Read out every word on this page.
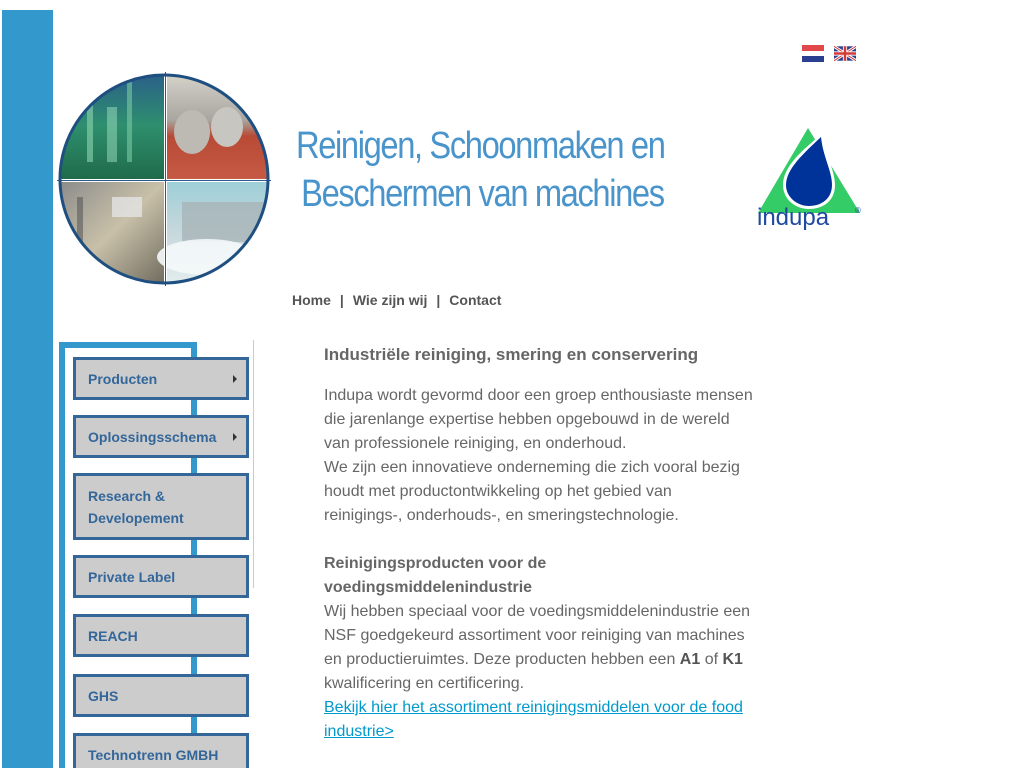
Reinigen, Schoonmaken en
Beschermen van machines
indupa	®
Home | Wie zijn wij | Contact
Producten
Oplossingsschema
Research &
Developement
Private Label
REACH
GHS
Technotrenn GMBH
Industriële reiniging, smering en conservering

Indupa wordt gevormd door een groep enthousiaste mensen die jarenlange expertise hebben opgebouwd in de wereld van professionele reiniging, en onderhoud.

We zijn een innovatieve onderneming die zich vooral bezig houdt met productontwikkeling op het gebied van reinigings-, onderhouds-, en smeringstechnologie.

Reinigingsproducten voor de voedingsmiddelenindustrie

Wij hebben speciaal voor de voedingsmiddelenindustrie een NSF goedgekeurd assortiment voor reiniging van machines en productieruimtes. Deze producten hebben een A1 of K1 kwalificering en certificering.

Bekijk hier het assortiment reinigingsmiddelen voor de food industrie>
